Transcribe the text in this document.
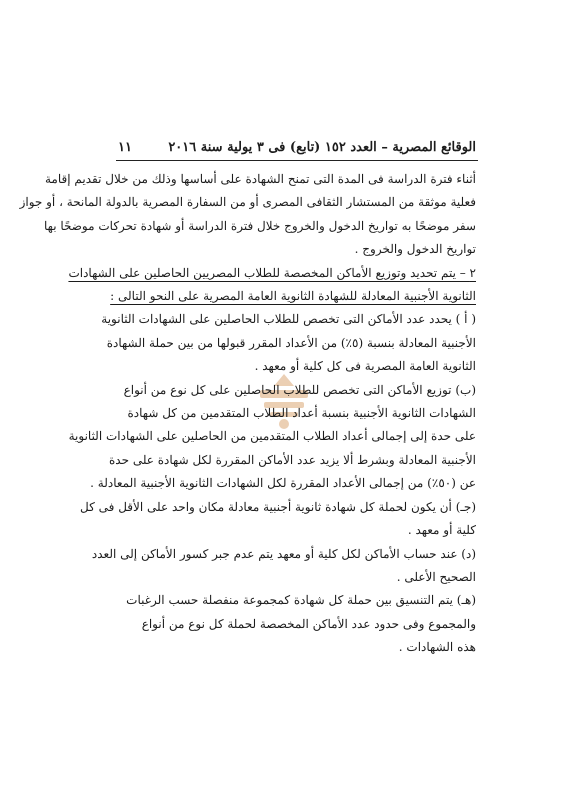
الوقائع المصرية – العدد ١٥٢ (تابع) فى ٣ يولية سنة ٢٠١٦
١١
أثناء فترة الدراسة فى المدة التى تمنح الشهادة على أساسها وذلك من خلال تقديم إقامة
فعلية موثقة من المستشار الثقافى المصرى أو من السفارة المصرية بالدولة المانحة ، أو جواز
سفر موضحًا به تواريخ الدخول والخروج خلال فترة الدراسة أو شهادة تحركات موضحًا بها
تواريخ الدخول والخروج .
٢ – يتم تحديد وتوزيع الأماكن المخصصة للطلاب المصريين الحاصلين على الشهادات
الثانوية الأجنبية المعادلة للشهادة الثانوية العامة المصرية على النحو التالى :
( أ ) يحدد عدد الأماكن التى تخصص للطلاب الحاصلين على الشهادات الثانوية
الأجنبية المعادلة بنسبة (٥٪) من الأعداد المقرر قبولها من بين حملة الشهادة
الثانوية العامة المصرية فى كل كلية أو معهد .
(ب) توزيع الأماكن التى تخصص للطلاب الحاصلين على كل نوع من أنواع
الشهادات الثانوية الأجنبية بنسبة أعداد الطلاب المتقدمين من كل شهادة
على حدة إلى إجمالى أعداد الطلاب المتقدمين من الحاصلين على الشهادات الثانوية
الأجنبية المعادلة وبشرط ألا يزيد عدد الأماكن المقررة لكل شهادة على حدة
عن (٥٠٪) من إجمالى الأعداد المقررة لكل الشهادات الثانوية الأجنبية المعادلة .
(جـ) أن يكون لحملة كل شهادة ثانوية أجنبية معادلة مكان واحد على الأقل فى كل
كلية أو معهد .
(د) عند حساب الأماكن لكل كلية أو معهد يتم عدم جبر كسور الأماكن إلى العدد
الصحيح الأعلى .
(هـ) يتم التنسيق بين حملة كل شهادة كمجموعة منفصلة حسب الرغبات
والمجموع وفى حدود عدد الأماكن المخصصة لحملة كل نوع من أنواع
هذه الشهادات .
